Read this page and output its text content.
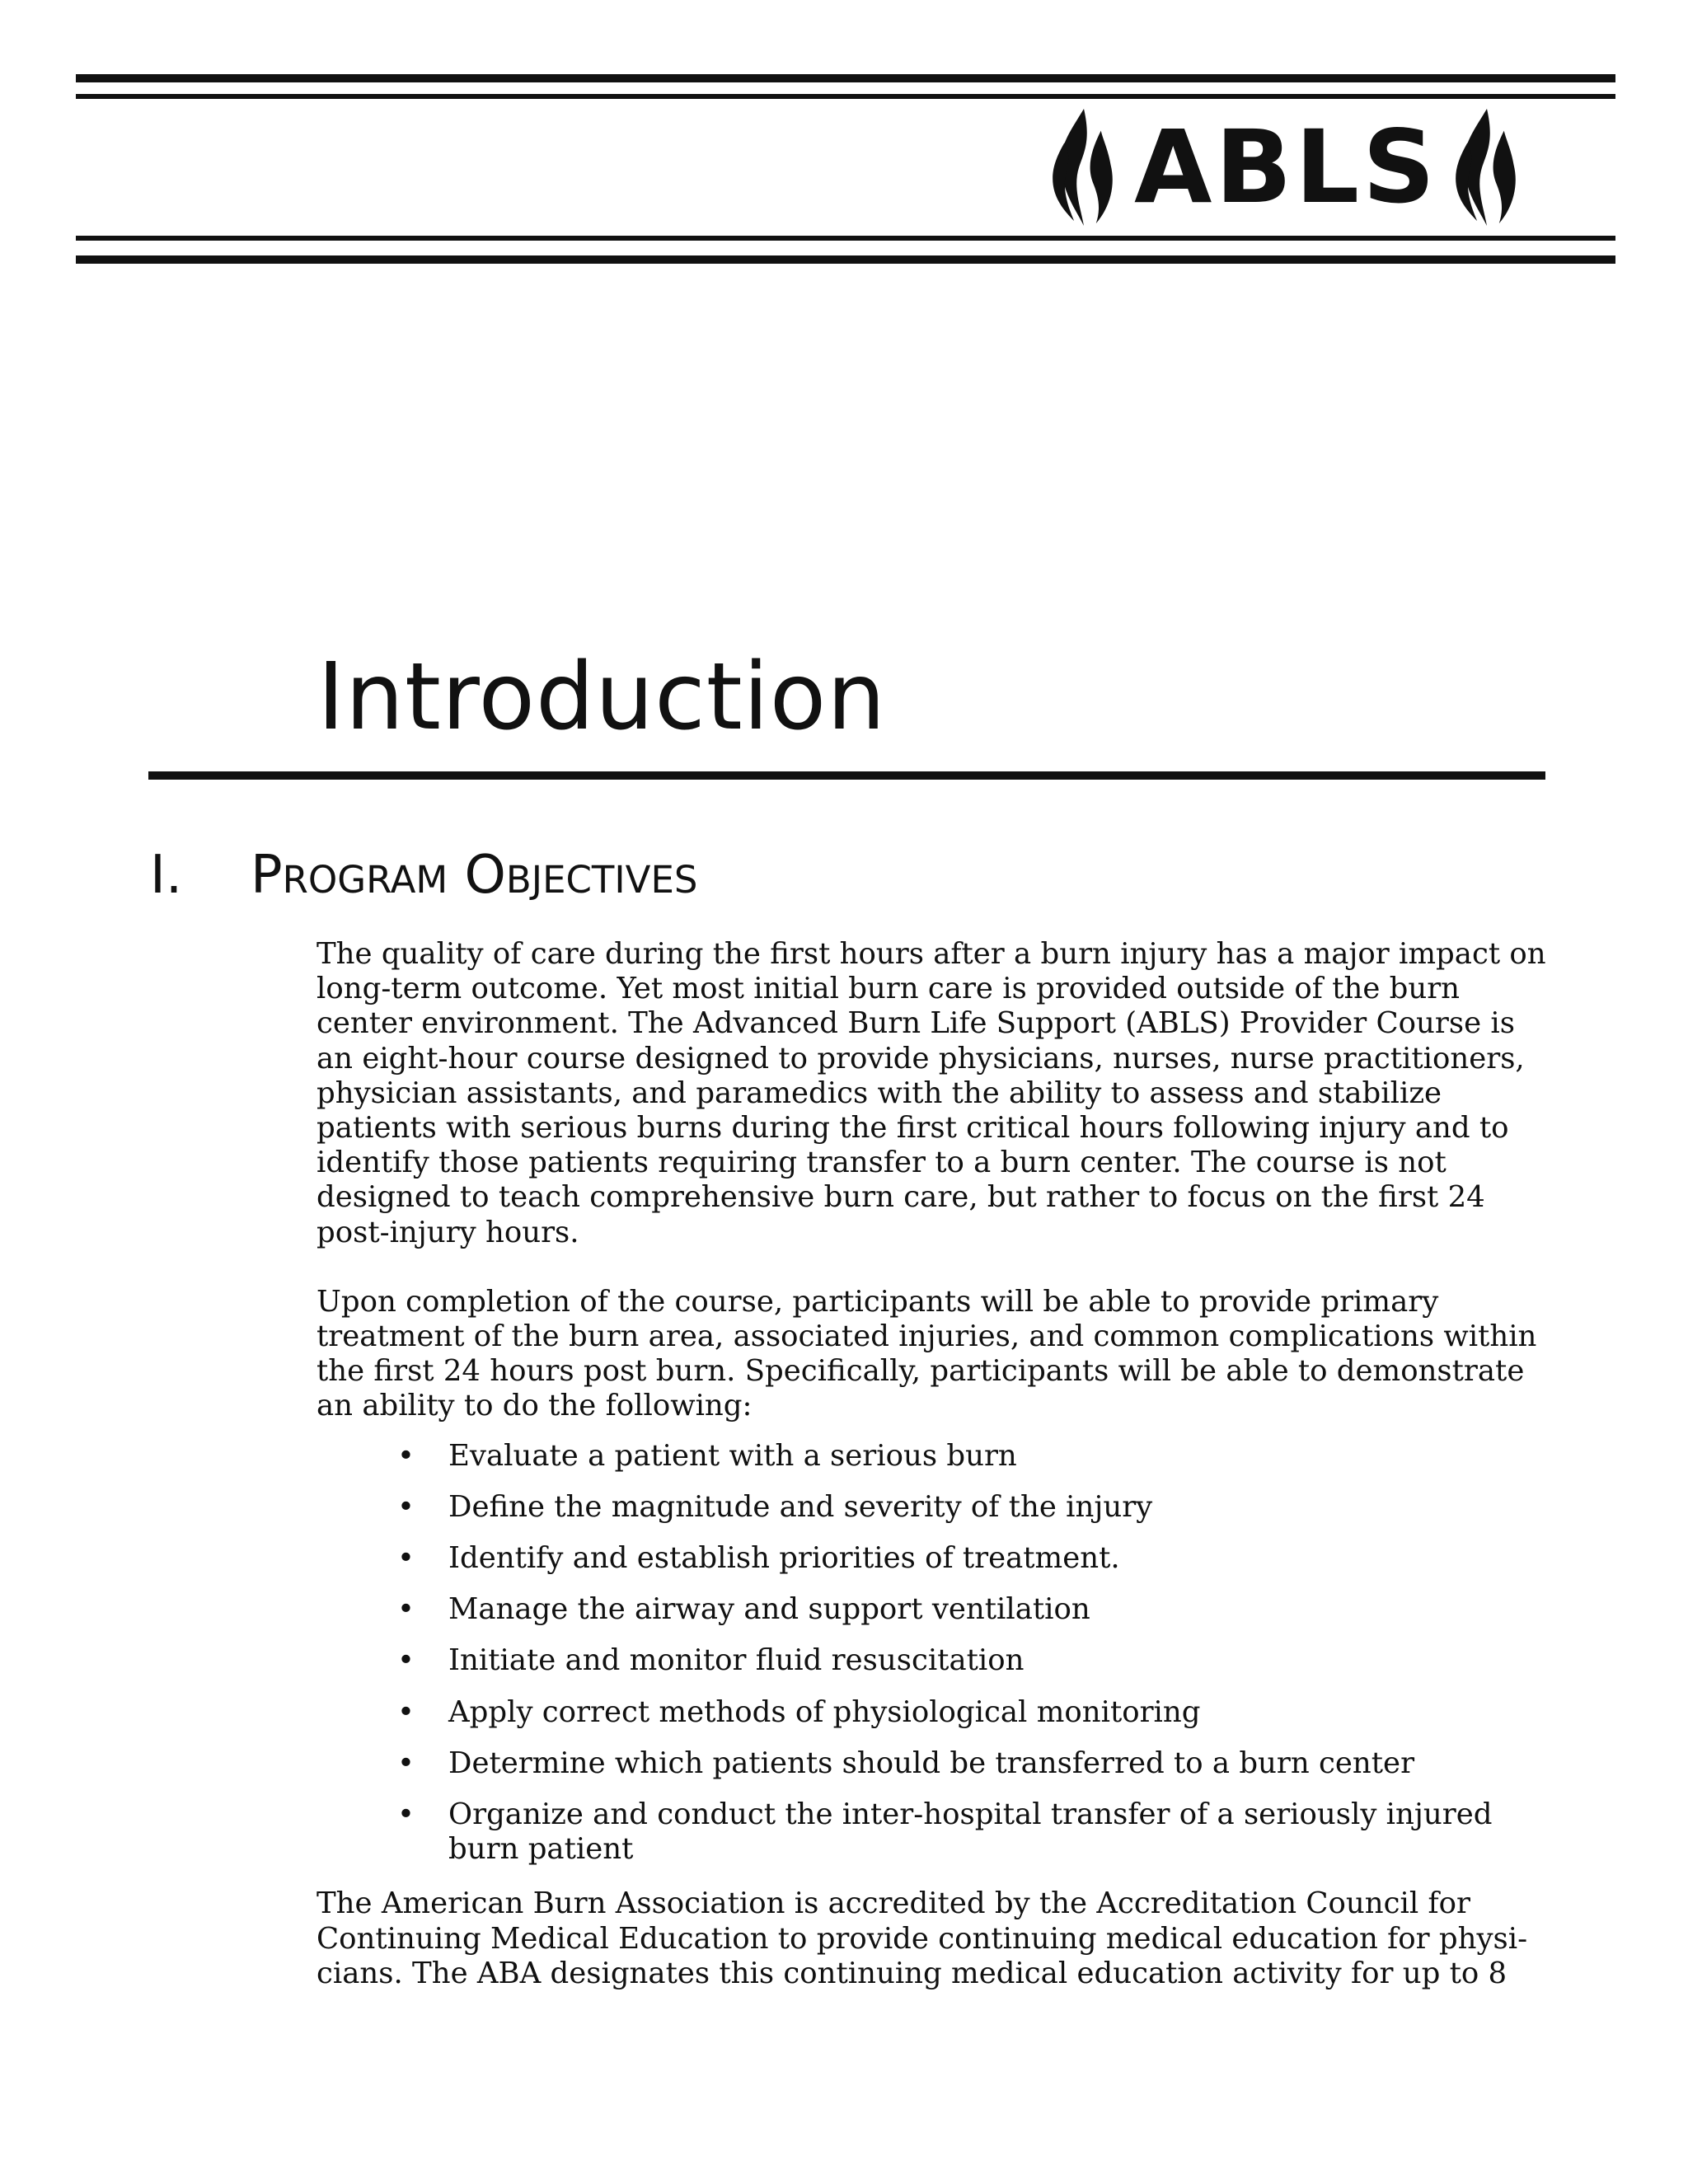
ABLS
Introduction
I. Program Objectives

The quality of care during the first hours after a burn injury has a major impact on long-term outcome. Yet most initial burn care is provided outside of the burn center environment. The Advanced Burn Life Support (ABLS) Provider Course is an eight-hour course designed to provide physicians, nurses, nurse practitioners, physician assistants, and paramedics with the ability to assess and stabilize patients with serious burns during the first critical hours following injury and to identify those patients requiring transfer to a burn center. The course is not designed to teach comprehensive burn care, but rather to focus on the first 24 post-injury hours.

Upon completion of the course, participants will be able to provide primary treatment of the burn area, associated injuries, and common complications within the first 24 hours post burn. Specifically, participants will be able to demonstrate an ability to do the following:

• Evaluate a patient with a serious burn
• Define the magnitude and severity of the injury
• Identify and establish priorities of treatment.
• Manage the airway and support ventilation
• Initiate and monitor fluid resuscitation
• Apply correct methods of physiological monitoring
• Determine which patients should be transferred to a burn center
• Organize and conduct the inter-hospital transfer of a seriously injured burn patient

The American Burn Association is accredited by the Accreditation Council for Continuing Medical Education to provide continuing medical education for physi-cians. The ABA designates this continuing medical education activity for up to 8
